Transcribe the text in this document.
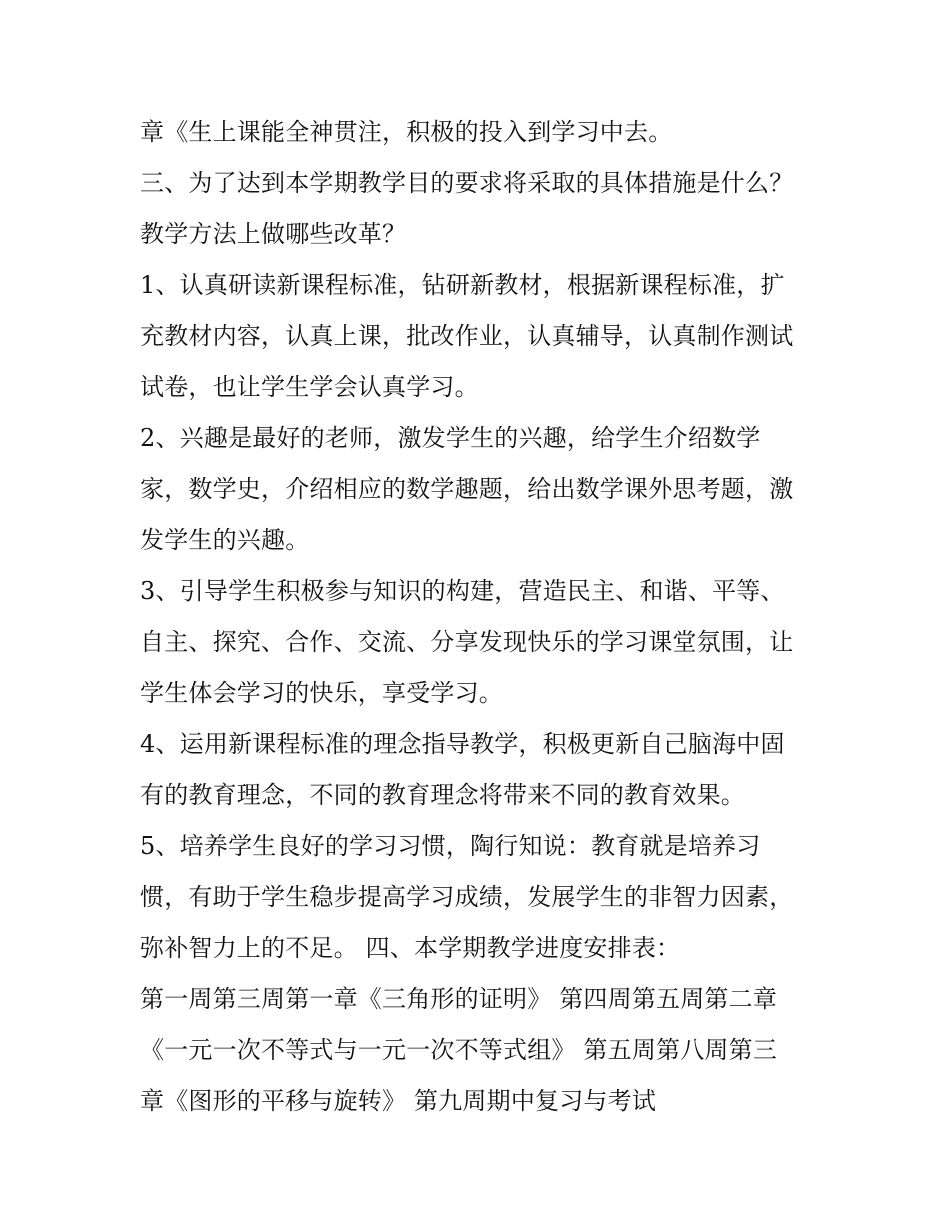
章《生上课能全神贯注，积极的投入到学习中去。
三、为了达到本学期教学目的要求将采取的具体措施是什么？
教学方法上做哪些改革？
1、认真研读新课程标准，钻研新教材，根据新课程标准，扩
充教材内容，认真上课，批改作业，认真辅导，认真制作测试
试卷，也让学生学会认真学习。
2、兴趣是最好的老师，激发学生的兴趣，给学生介绍数学
家，数学史，介绍相应的数学趣题，给出数学课外思考题，激
发学生的兴趣。
3、引导学生积极参与知识的构建，营造民主、和谐、平等、
自主、探究、合作、交流、分享发现快乐的学习课堂氛围，让
学生体会学习的快乐，享受学习。
4、运用新课程标准的理念指导教学，积极更新自己脑海中固
有的教育理念，不同的教育理念将带来不同的教育效果。
5、培养学生良好的学习习惯，陶行知说：教育就是培养习
惯，有助于学生稳步提高学习成绩，发展学生的非智力因素，
弥补智力上的不足。 四、本学期教学进度安排表：
第一周第三周第一章《三角形的证明》 第四周第五周第二章
《一元一次不等式与一元一次不等式组》 第五周第八周第三
章《图形的平移与旋转》 第九周期中复习与考试
